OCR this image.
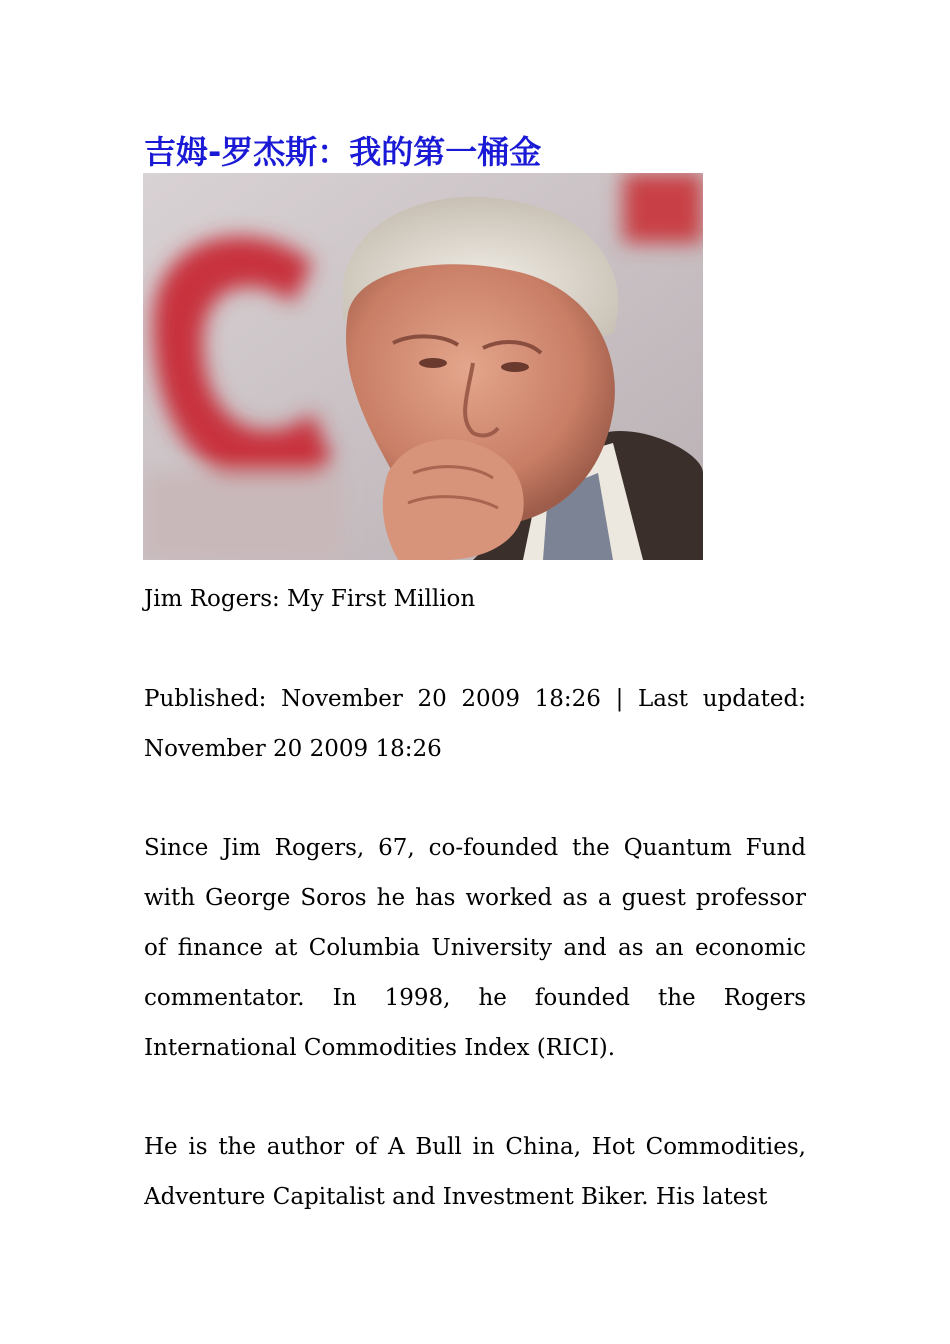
吉姆-罗杰斯：我的第一桶金

Jim Rogers: My First Million

Published: November 20 2009 18:26 | Last updated: November 20 2009 18:26

Since Jim Rogers, 67, co-founded the Quantum Fund with George Soros he has worked as a guest professor of finance at Columbia University and as an economic commentator. In 1998, he founded the Rogers International Commodities Index (RICI).

He is the author of A Bull in China, Hot Commodities, Adventure Capitalist and Investment Biker. His latest
